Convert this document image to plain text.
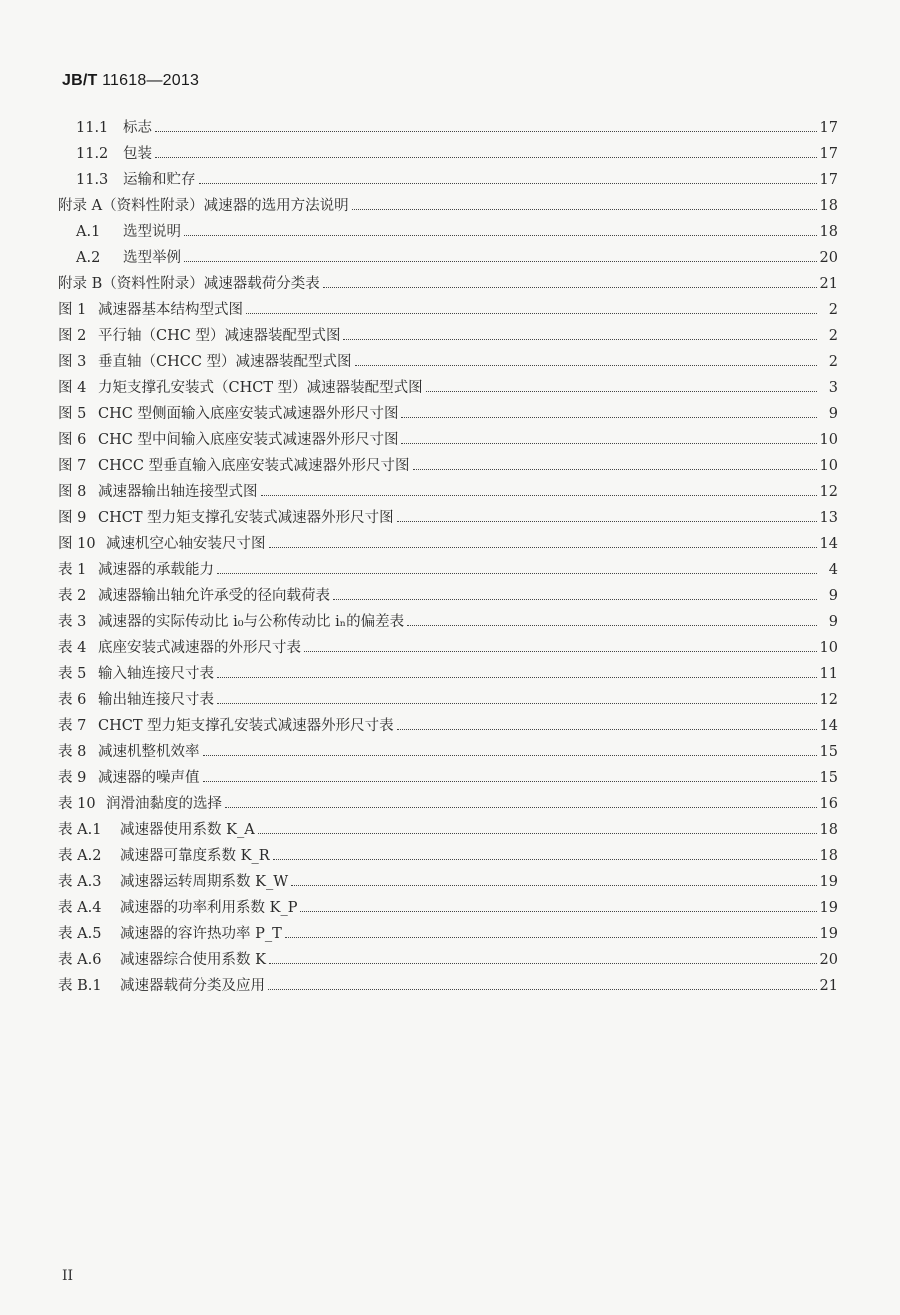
JB/T 11618—2013
11.1	标志	17
11.2	包装	17
11.3	运输和贮存	17
附录 A（资料性附录）减速器的选用方法说明	18
A.1	选型说明	18
A.2	选型举例	20
附录 B（资料性附录）减速器载荷分类表	21
图 1 减速器基本结构型式图	2
图 2 平行轴（CHC 型）减速器装配型式图	2
图 3 垂直轴（CHCC 型）减速器装配型式图	2
图 4 力矩支撑孔安装式（CHCT 型）减速器装配型式图	3
图 5 CHC 型侧面输入底座安装式减速器外形尺寸图	9
图 6 CHC 型中间输入底座安装式减速器外形尺寸图	10
图 7 CHCC 型垂直输入底座安装式减速器外形尺寸图	10
图 8 减速器输出轴连接型式图	12
图 9 CHCT 型力矩支撑孔安装式减速器外形尺寸图	13
图 10 减速机空心轴安装尺寸图	14
表 1 减速器的承载能力	4
表 2 减速器输出轴允许承受的径向载荷表	9
表 3 减速器的实际传动比 i₀与公称传动比 iₙ的偏差表	9
表 4 底座安装式减速器的外形尺寸表	10
表 5 输入轴连接尺寸表	11
表 6 输出轴连接尺寸表	12
表 7 CHCT 型力矩支撑孔安装式减速器外形尺寸表	14
表 8 减速机整机效率	15
表 9 减速器的噪声值	15
表 10 润滑油黏度的选择	16
表 A.1	减速器使用系数 K_A	18
表 A.2	减速器可靠度系数 K_R	18
表 A.3	减速器运转周期系数 K_W	19
表 A.4	减速器的功率利用系数 K_P	19
表 A.5	减速器的容许热功率 P_T	19
表 A.6	减速器综合使用系数 K	20
表 B.1	减速器载荷分类及应用	21
II
